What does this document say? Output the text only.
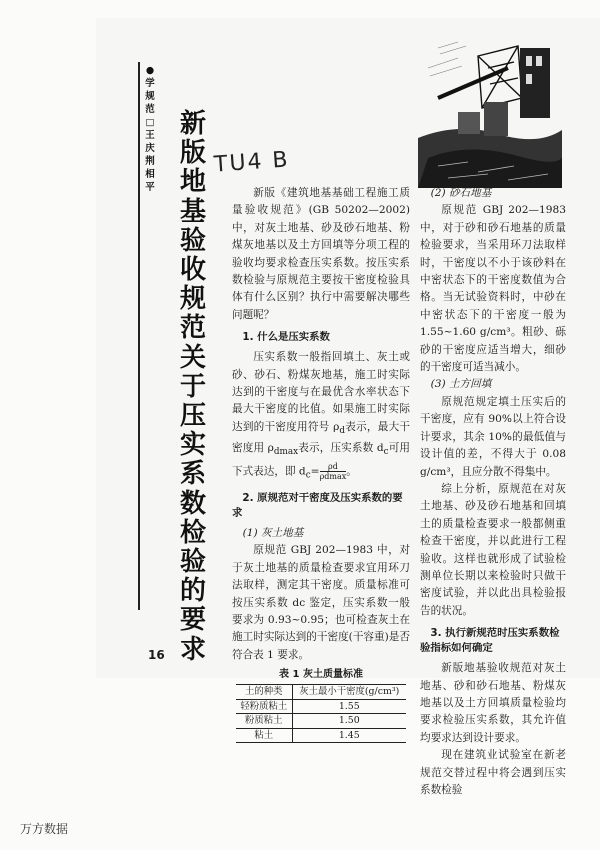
●
学
规
范
□
王
庆
荆
相
平
新
版
地
基
验
收
规
范
关
于
压
实
系
数
检
验
的
要
求
TU4 B

新版《建筑地基基础工程施工质量验收规范》(GB 50202—2002)中，对灰土地基、砂及砂石地基、粉煤灰地基以及土方回填等分项工程的验收均要求检查压实系数。按压实系数检验与原规范主要按干密度检验具体有什么区别？执行中需要解决哪些问题呢？

1. 什么是压实系数

压实系数一般指回填土、灰土或砂、砂石、粉煤灰地基，施工时实际达到的干密度与在最优含水率状态下最大干密度的比值。如果施工时实际达到的干密度用符号 $\rho_d$表示，最大干密度用 $\rho_{dmax}$表示，压实系数 $d_c$可用下式表达，即 $d_c= \frac{\rho d}{\rho dmax}$ 。

2. 原规范对干密度及压实系数的要求

(1) 灰土地基

原规范 GBJ 202—1983 中，对于灰土地基的质量检查要求宜用环刀法取样，测定其干密度。质量标准可按压实系数 dc 鉴定，压实系数一般要求为 0.93~0.95；也可检查灰土在施工时实际达到的干密度(干容重)是否符合表 1 要求。

表 1 灰土质量标准
土的种类	灰土最小干密度(g/cm³)
轻粉质粘土	1.55
粉质粘土	1.50
粘土	1.45

(2) 砂石地基

原规范 GBJ 202—1983 中，对于砂和砂石地基的质量检验要求，当采用环刀法取样时，干密度以不小于该砂料在中密状态下的干密度数值为合格。当无试验资料时，中砂在中密状态下的干密度一般为 1.55~1.60 g/cm³。粗砂、砾砂的干密度应适当增大，细砂的干密度可适当减小。

(3) 土方回填

原规范规定填土压实后的干密度，应有 90%以上符合设计要求，其余 10%的最低值与设计值的差，不得大于 0.08 g/cm³，且应分散不得集中。

综上分析，原规范在对灰土地基、砂及砂石地基和回填土的质量检查要求一般都侧重检查干密度，并以此进行工程验收。这样也就形成了试验检测单位长期以来检验时只做干密度试验，并以此出具检验报告的状况。

3. 执行新规范时压实系数检验指标如何确定

新版地基验收规范对灰土地基、砂和砂石地基、粉煤灰地基以及土方回填质量检验均要求检验压实系数，其允许值均要求达到设计要求。

现在建筑业试验室在新老规范交替过程中将会遇到压实系数检验

16
万方数据
